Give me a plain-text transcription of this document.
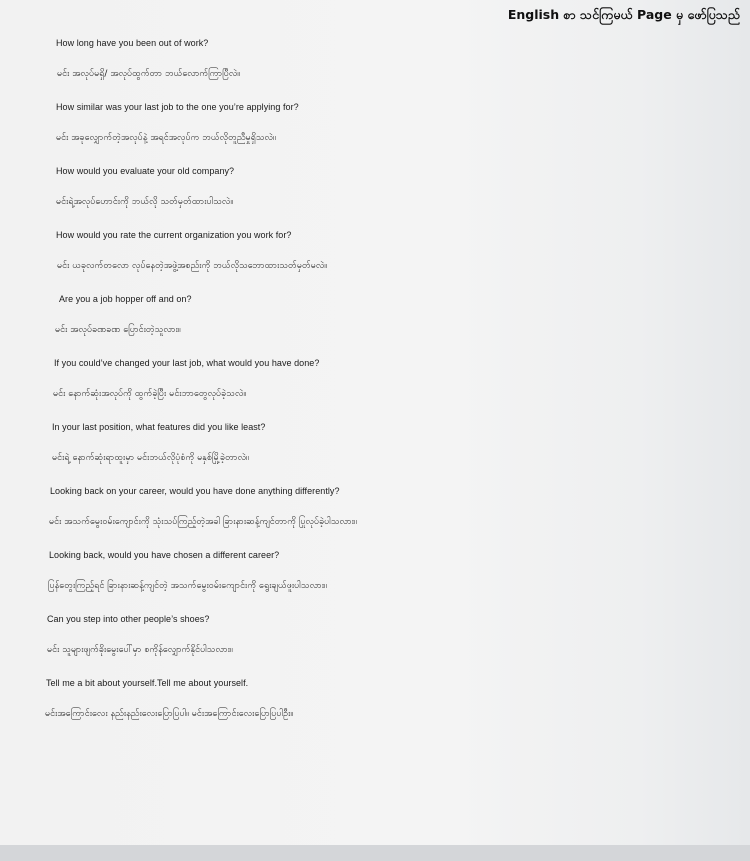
English စာ သင်ကြမယ် Page မှ ဖော်ပြသည်
How long have you been out of work?
မင်း အလုပ်မရှိ/ အလုပ်ထွက်တာ ဘယ်လောက်ကြာပြီလဲ။
How similar was your last job to the one you’re applying for?
မင်း အခုလျှောက်တဲ့အလုပ်နဲ့ အရင်အလုပ်က ဘယ်လိုတူညီမှုရှိသလဲ။
How would you evaluate your old company?
မင်းရဲ့အလုပ်ဟောင်းကို ဘယ်လို သတ်မှတ်ထားပါသလဲ။
How would you rate the current organization you work for?
မင်း ယခုလက်တလော လုပ်နေတဲ့အဖွဲ့အစည်းကို ဘယ်လိုသဘောထားသတ်မှတ်မလဲ။
Are you a job hopper off and on?
မင်း အလုပ်ခဏခဏ ပြောင်းတဲ့သူလား။
If you could’ve changed your last job, what would you have done?
မင်း နောက်ဆုံးအလုပ်ကို ထွက်ခဲ့ပြီး မင်းဘာတွေလုပ်ခဲ့သလဲ။
In your last position, what features did you like least?
မင်းရဲ့ နောက်ဆုံးရာထူးမှာ မင်းဘယ်လိုပုံစံကို မနှစ်မြို့ခဲ့တာလဲ။
Looking back on your career, would you have done anything differently?
မင်း အသက်မွေးဝမ်းကျောင်းကို သုံးသပ်ကြည့်တဲ့အခါ ခြားနားဆန့်ကျင်တာကို ပြုလုပ်ခဲ့ပါသလား။
Looking back, would you have chosen a different career?
ပြန်တွေးကြည့်ရင် ခြားနားဆန့်ကျင်တဲ့ အသက်မွေးဝမ်းကျောင်းကို ရွေးချယ်ဖူးပါသလား။
Can you step into other people’s shoes?
မင်း သူများဖျက်ခိုးမွေးပေါ်မှာ စကိုန်လျှောက်နိုင်ပါသလား။
Tell me a bit about yourself.Tell me about yourself.
မင်းအကြောင်းလေး နည်းနည်းလေးပြောပြပါ။ မင်းအကြောင်းလေးပြောပြပါဦး။
